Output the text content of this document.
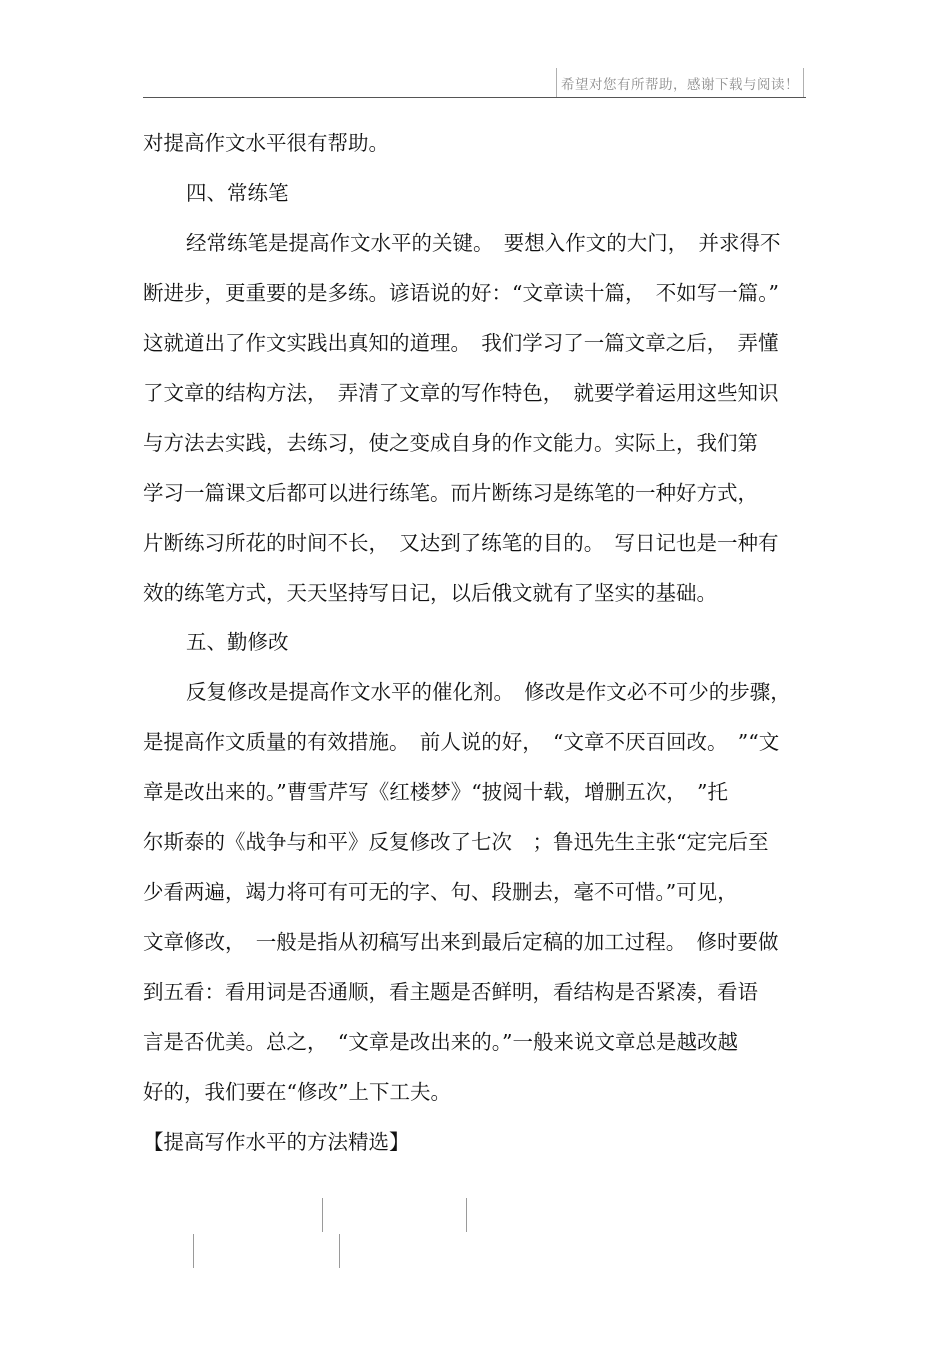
希望对您有所帮助，感谢下载与阅读！

对提高作文水平很有帮助。

四、常练笔

经常练笔是提高作文水平的关键。　要想入作文的大门，　并求得不

断进步，更重要的是多练。谚语说的好：“文章读十篇，　不如写一篇。”

这就道出了作文实践出真知的道理。　我们学习了一篇文章之后，　弄懂

了文章的结构方法，　弄清了文章的写作特色，　就要学着运用这些知识

与方法去实践，去练习，使之变成自身的作文能力。实际上，我们第

学习一篇课文后都可以进行练笔。而片断练习是练笔的一种好方式，

片断练习所花的时间不长，　又达到了练笔的目的。　写日记也是一种有

效的练笔方式，天天坚持写日记，以后俄文就有了坚实的基础。

五、勤修改

反复修改是提高作文水平的催化剂。　修改是作文必不可少的步骤，

是提高作文质量的有效措施。　前人说的好，　“文章不厌百回改。　”“文

章是改出来的。”曹雪芹写《红楼梦》“披阅十载，增删五次，　”托

尔斯泰的《战争与和平》反复修改了七次　；鲁迅先生主张“定完后至

少看两遍，竭力将可有可无的字、句、段删去，毫不可惜。”可见，

文章修改，　一般是指从初稿写出来到最后定稿的加工过程。　修时要做

到五看：看用词是否通顺，看主题是否鲜明，看结构是否紧凑，看语

言是否优美。总之，　“文章是改出来的。”一般来说文章总是越改越

好的，我们要在“修改”上下工夫。

【提高写作水平的方法精选】
